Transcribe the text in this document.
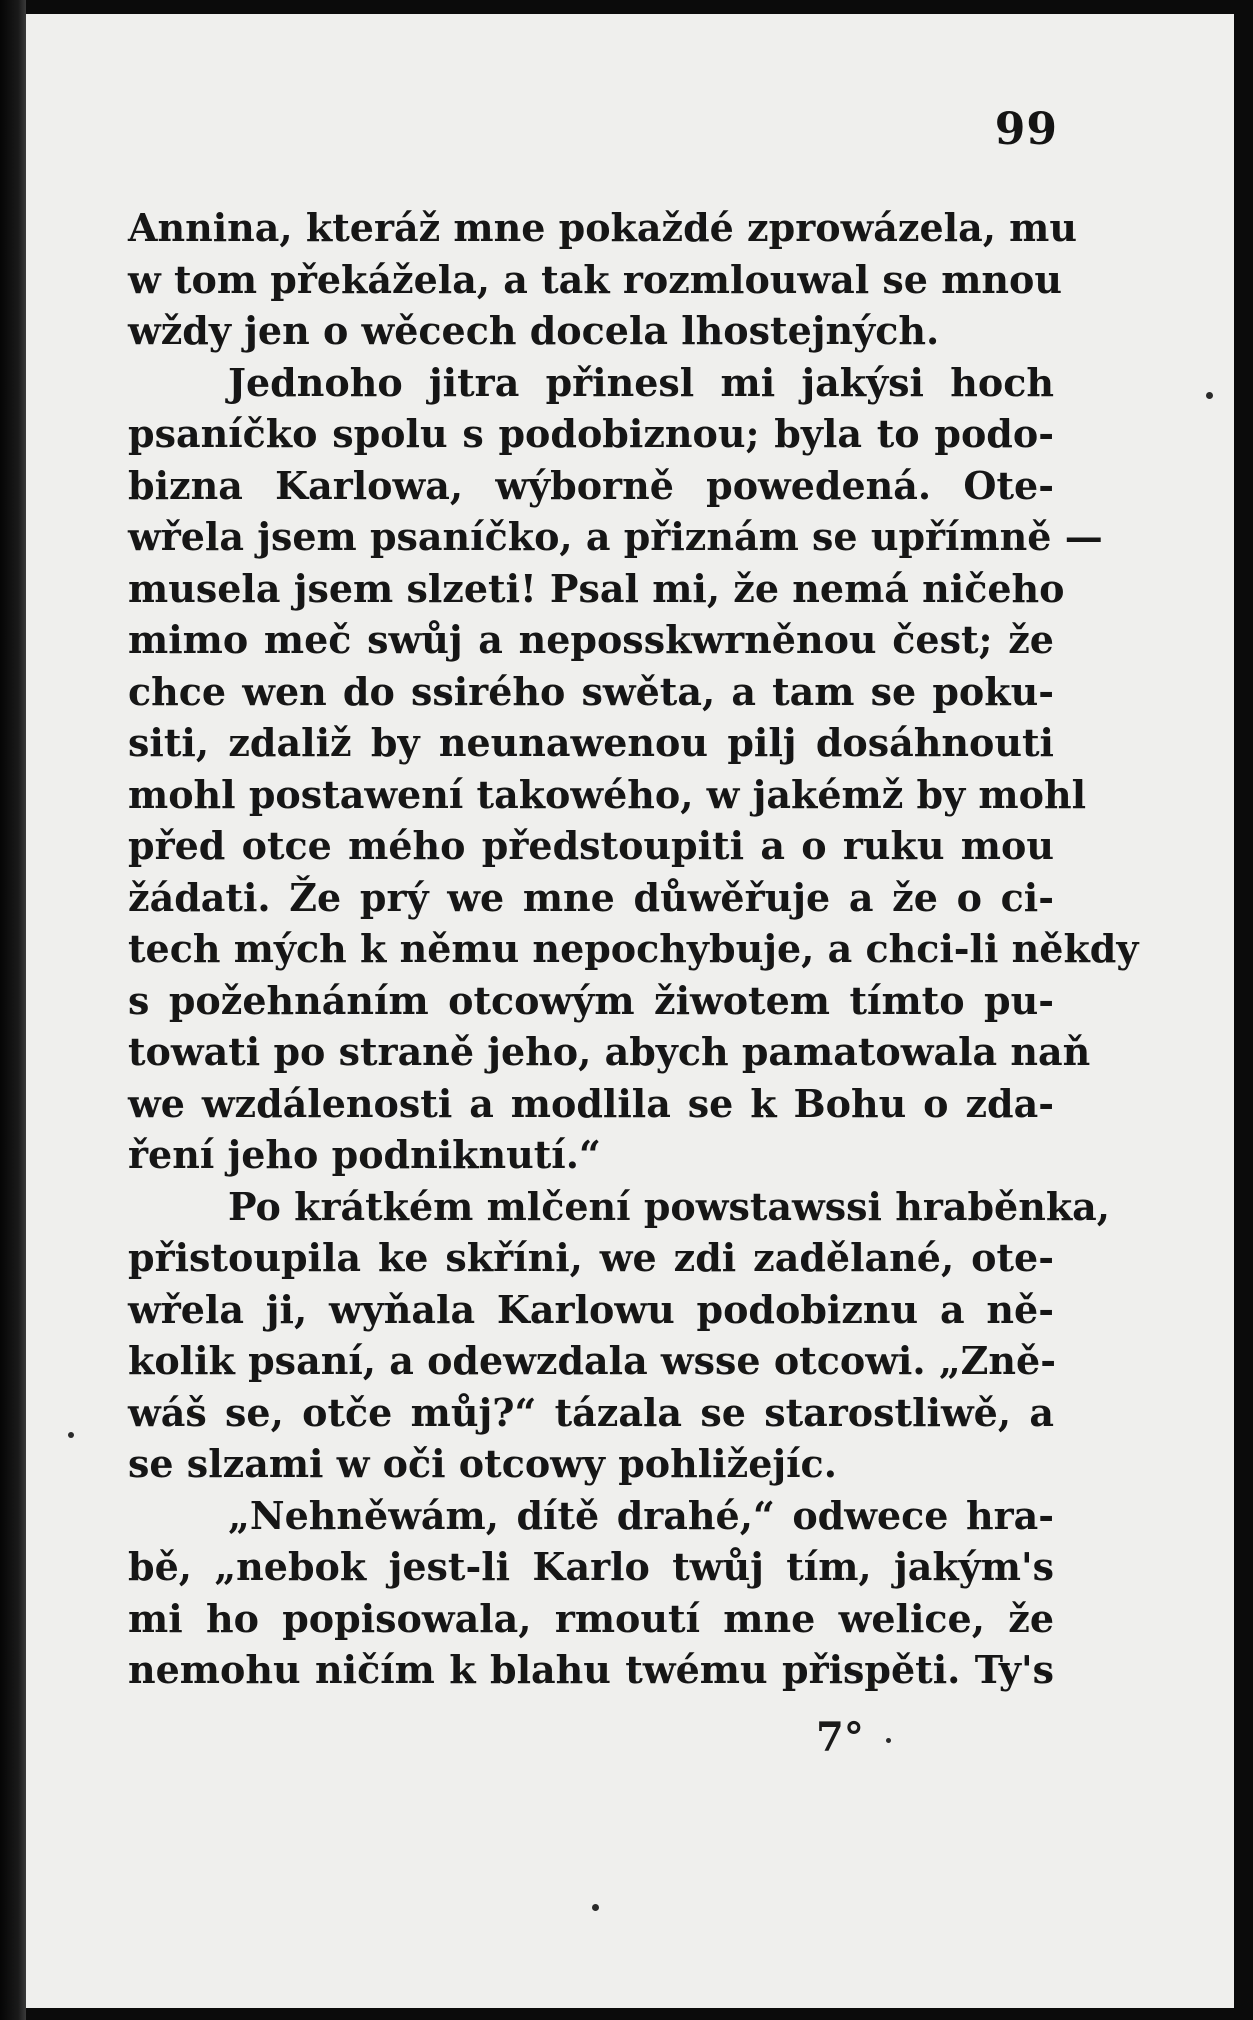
99
Annina, kteráž mne pokaždé zprowázela, mu
w tom překážela, a tak rozmlouwal se mnou
wždy jen o wěcech docela lhostejných.
Jednoho jitra přinesl mi jakýsi hoch
psaníčko spolu s podobiznou; byla to podo-
bizna Karlowa, wýborně powedená. Ote-
wřela jsem psaníčko, a přiznám se upřímně —
musela jsem slzeti! Psal mi, že nemá ničeho
mimo meč swůj a neposskwrněnou čest; že
chce wen do ssirého swěta, a tam se poku-
siti, zdaliž by neunawenou pilj dosáhnouti
mohl postawení takowého, w jakémž by mohl
před otce mého předstoupiti a o ruku mou
žádati. Že prý we mne důwěřuje a že o ci-
tech mých k němu nepochybuje, a chci-li někdy
s požehnáním otcowým žiwotem tímto pu-
towati po straně jeho, abych pamatowala naň
we wzdálenosti a modlila se k Bohu o zda-
ření jeho podniknutí.“
Po krátkém mlčení powstawssi hraběnka,
přistoupila ke skříni, we zdi zadělané, ote-
wřela ji, wyňala Karlowu podobiznu a ně-
kolik psaní, a odewzdala wsse otcowi. „Zně-
wáš se, otče můj?“ tázala se starostliwě, a
se slzami w oči otcowy pohližejíc.
„Nehněwám, dítě drahé,“ odwece hra-
bě, „nebok jest-li Karlo twůj tím, jakým's
mi ho popisowala, rmoutí mne welice, že
nemohu ničím k blahu twému přispěti. Ty's
7°
